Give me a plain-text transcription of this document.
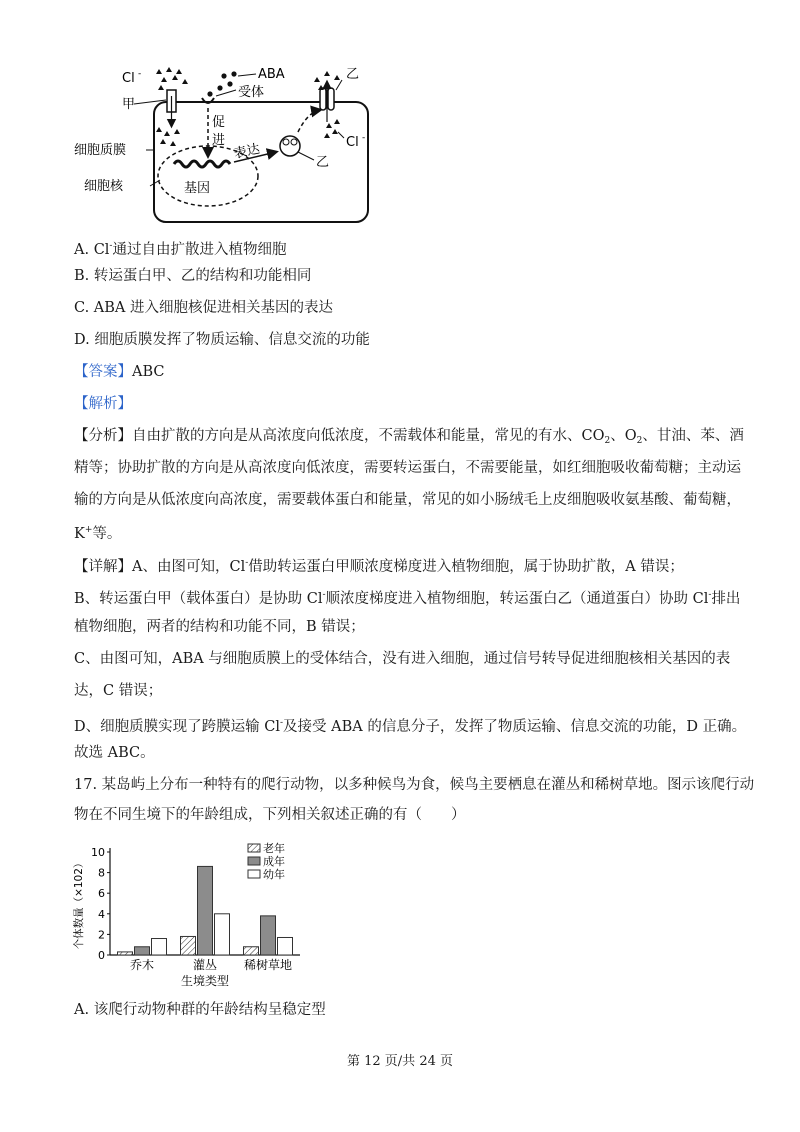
Cl -
甲
ABA
受体
乙
Cl -
乙
细胞质膜
细胞核
促
进
表达
基因
A. Cl-通过自由扩散进入植物细胞
B. 转运蛋白甲、乙的结构和功能相同
C. ABA 进入细胞核促进相关基因的表达
D. 细胞质膜发挥了物质运输、信息交流的功能
【答案】ABC
【解析】
【分析】自由扩散的方向是从高浓度向低浓度，不需载体和能量，常见的有水、$CO_2$、$O_2$、甘油、苯、酒
精等；协助扩散的方向是从高浓度向低浓度，需要转运蛋白，不需要能量，如红细胞吸收葡萄糖；主动运
输的方向是从低浓度向高浓度，需要载体蛋白和能量，常见的如小肠绒毛上皮细胞吸收氨基酸、葡萄糖，
K+等。
【详解】A、由图可知，Cl-借助转运蛋白甲顺浓度梯度进入植物细胞，属于协助扩散，A 错误；
B、转运蛋白甲（载体蛋白）是协助 Cl-顺浓度梯度进入植物细胞，转运蛋白乙（通道蛋白）协助 Cl-排出
植物细胞，两者的结构和功能不同，B 错误；
C、由图可知，ABA 与细胞质膜上的受体结合，没有进入细胞，通过信号转导促进细胞核相关基因的表
达，C 错误；
D、细胞质膜实现了跨膜运输 Cl-及接受 ABA 的信息分子，发挥了物质运输、信息交流的功能，D 正确。
故选 ABC。
17. 某岛屿上分布一种特有的爬行动物，以多种候鸟为食，候鸟主要栖息在灌丛和稀树草地。图示该爬行动
物在不同生境下的年龄组成，下列相关叙述正确的有（　　）
0
2
4
6
8
10
个体数量（×102）
乔木	灌丛 稀树草地
生境类型
老年
成年
幼年
A. 该爬行动物种群的年龄结构呈稳定型
第 12 页/共 24 页
